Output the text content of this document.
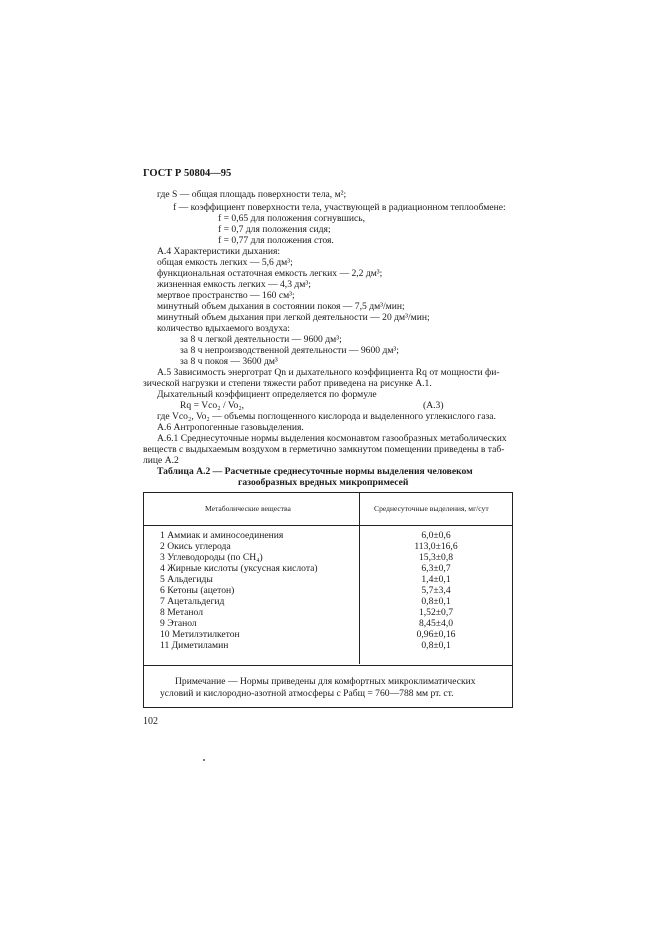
ГОСТ Р 50804—95
где S — общая площадь поверхности тела, м²;
f — коэффициент поверхности тела, участвующей в радиационном теплообмене:
f = 0,65 для положения согнувшись,
f = 0,7 для положения сидя;
f = 0,77 для положения стоя.
А.4 Характеристики дыхания:
общая емкость легких — 5,6 дм³;
функциональная остаточная емкость легких — 2,2 дм³;
жизненная емкость легких — 4,3 дм³;
мертвое пространство — 160 см³;
минутный объем дыхания в состоянии покоя — 7,5 дм³/мин;
минутный объем дыхания при легкой деятельности — 20 дм³/мин;
количество вдыхаемого воздуха:
за 8 ч легкой деятельности — 9600 дм³;
за 8 ч непроизводственной деятельности — 9600 дм³;
за 8 ч покоя — 3600 дм³
А.5 Зависимость энерготрат Qn и дыхательного коэффициента Rq от мощности фи-
зической нагрузки и степени тяжести работ приведена на рисунке А.1.
Дыхательный коэффициент определяется по формуле
Rq = Vco₂ / Vo₂,	(А.3)
где Vco₂, Vo₂ — объемы поглощенного кислорода и выделенного углекислого газа.
А.6 Антропогенные газовыделения.
А.6.1 Среднесуточные нормы выделения космонавтом газообразных метаболических
веществ с выдыхаемым воздухом в герметично замкнутом помещении приведены в таб-
лице А.2
Таблица А.2 — Расчетные среднесуточные нормы выделения человеком
газообразных вредных микропримесей
Метаболические вещества	Среднесуточные выделения, мг/сут
1 Аммиак и аминосоединения	6,0±0,6
2 Окись углерода	113,0±16,6
3 Углеводороды (по CH₄)	15,3±0,8
4 Жирные кислоты (уксусная кислота)	6,3±0,7
5 Альдегиды	1,4±0,1
6 Кетоны (ацетон)	5,7±3,4
7 Ацетальдегид	0,8±0,1
8 Метанол	1,52±0,7
9 Этанол	8,45±4,0
10 Метилэтилкетон	0,96±0,16
11 Диметиламин	0,8±0,1
Примечание — Нормы приведены для комфортных микроклиматических
условий и кислородно-азотной атмосферы с Pабщ = 760—788 мм рт. ст.
102
